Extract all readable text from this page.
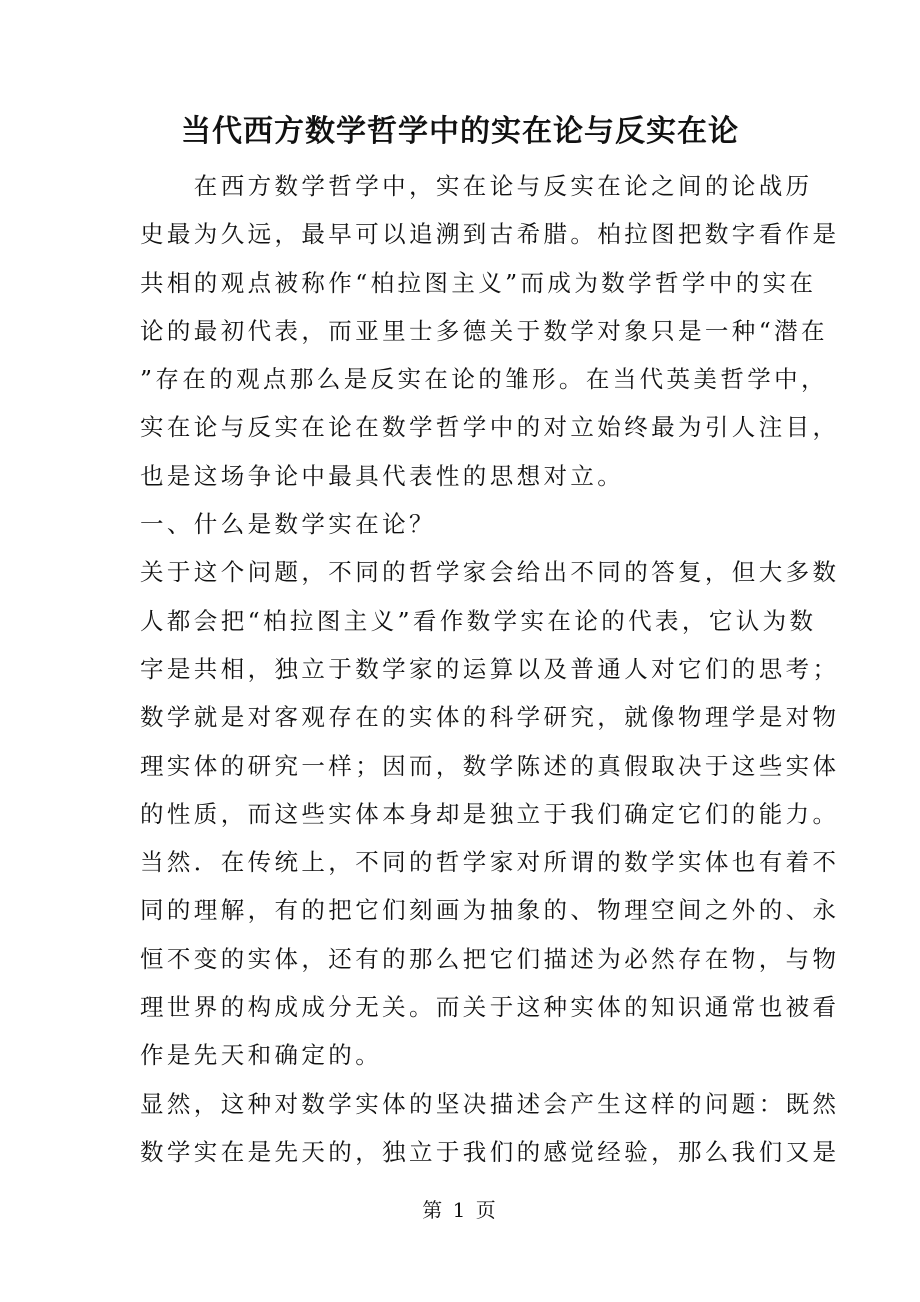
当代西方数学哲学中的实在论与反实在论
　　在西方数学哲学中，实在论与反实在论之间的论战历
史最为久远，最早可以追溯到古希腊。柏拉图把数字看作是
共相的观点被称作“柏拉图主义”而成为数学哲学中的实在
论的最初代表，而亚里士多德关于数学对象只是一种“潜在
”存在的观点那么是反实在论的雏形。在当代英美哲学中，
实在论与反实在论在数学哲学中的对立始终最为引人注目，
也是这场争论中最具代表性的思想对立。
一、什么是数学实在论？
关于这个问题，不同的哲学家会给出不同的答复，但大多数
人都会把“柏拉图主义”看作数学实在论的代表，它认为数
字是共相，独立于数学家的运算以及普通人对它们的思考；
数学就是对客观存在的实体的科学研究，就像物理学是对物
理实体的研究一样；因而，数学陈述的真假取决于这些实体
的性质，而这些实体本身却是独立于我们确定它们的能力。
当然．在传统上，不同的哲学家对所谓的数学实体也有着不
同的理解，有的把它们刻画为抽象的、物理空间之外的、永
恒不变的实体，还有的那么把它们描述为必然存在物，与物
理世界的构成成分无关。而关于这种实体的知识通常也被看
作是先天和确定的。
显然，这种对数学实体的坚决描述会产生这样的问题：既然
数学实在是先天的，独立于我们的感觉经验，那么我们又是
第 1 页
